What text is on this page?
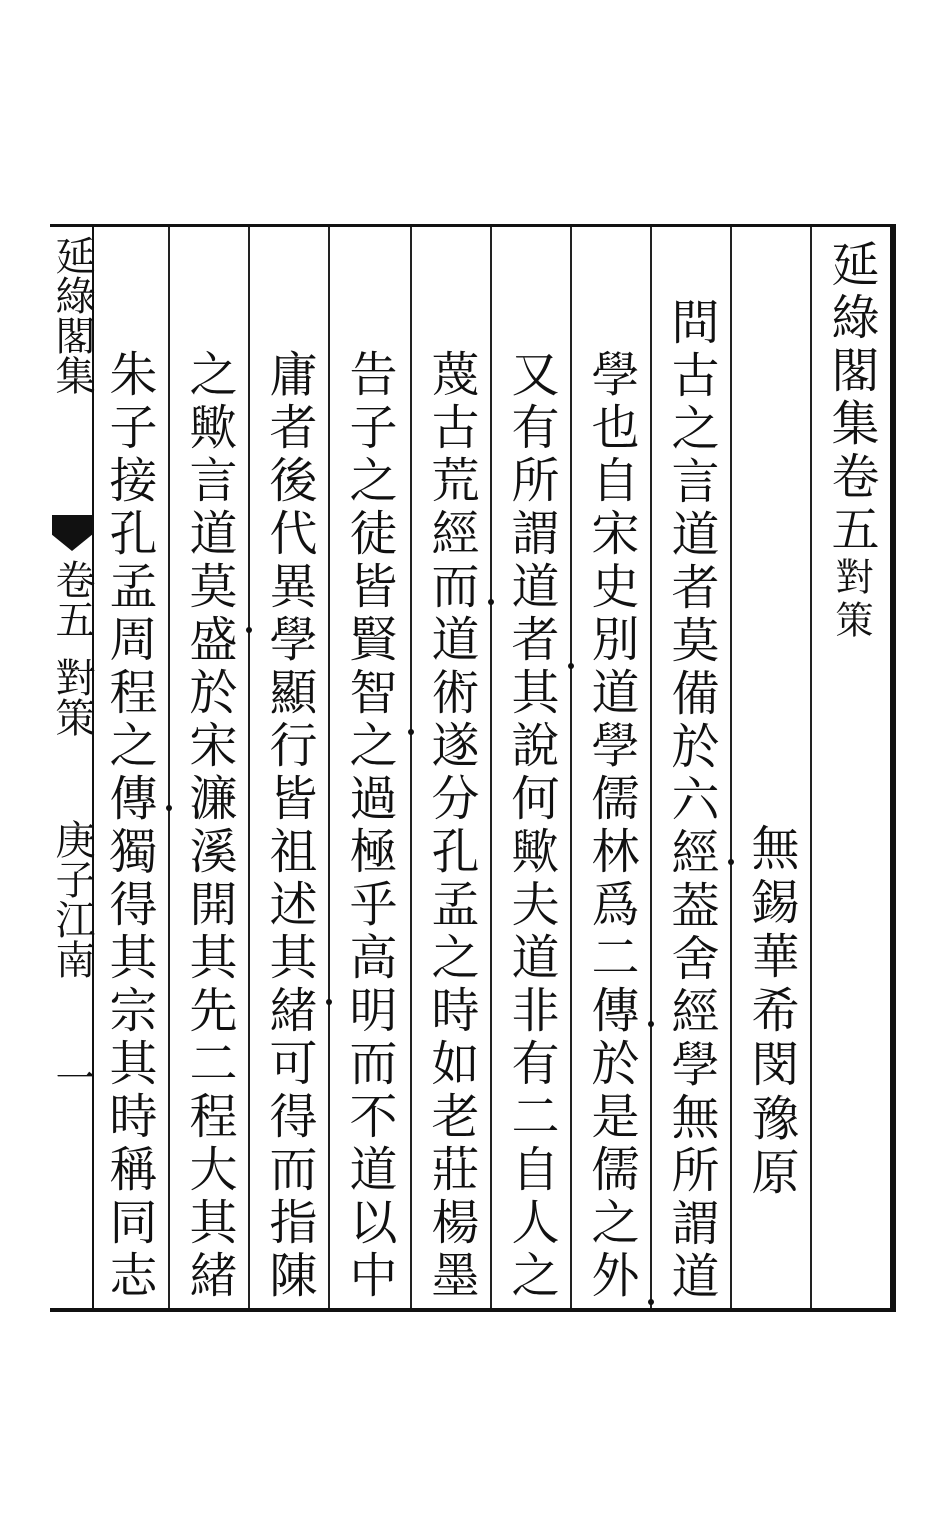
延綠閣集卷五對策
無錫華希閔豫原
問古之言道者莫備於六經葢舍經學無所謂道
學也自宋史別道學儒林爲二傳於是儒之外
又有所謂道者其說何歟夫道非有二自人之
蔑古荒經而道術遂分孔孟之時如老莊楊墨
告子之徒皆賢智之過極乎高明而不道以中
庸者後代異學顯行皆祖述其緒可得而指陳
之歟言道莫盛於宋濂溪開其先二程大其緒
朱子接孔孟周程之傳獨得其宗其時稱同志
延綠閣集
卷五
對策
庚子江南
一
